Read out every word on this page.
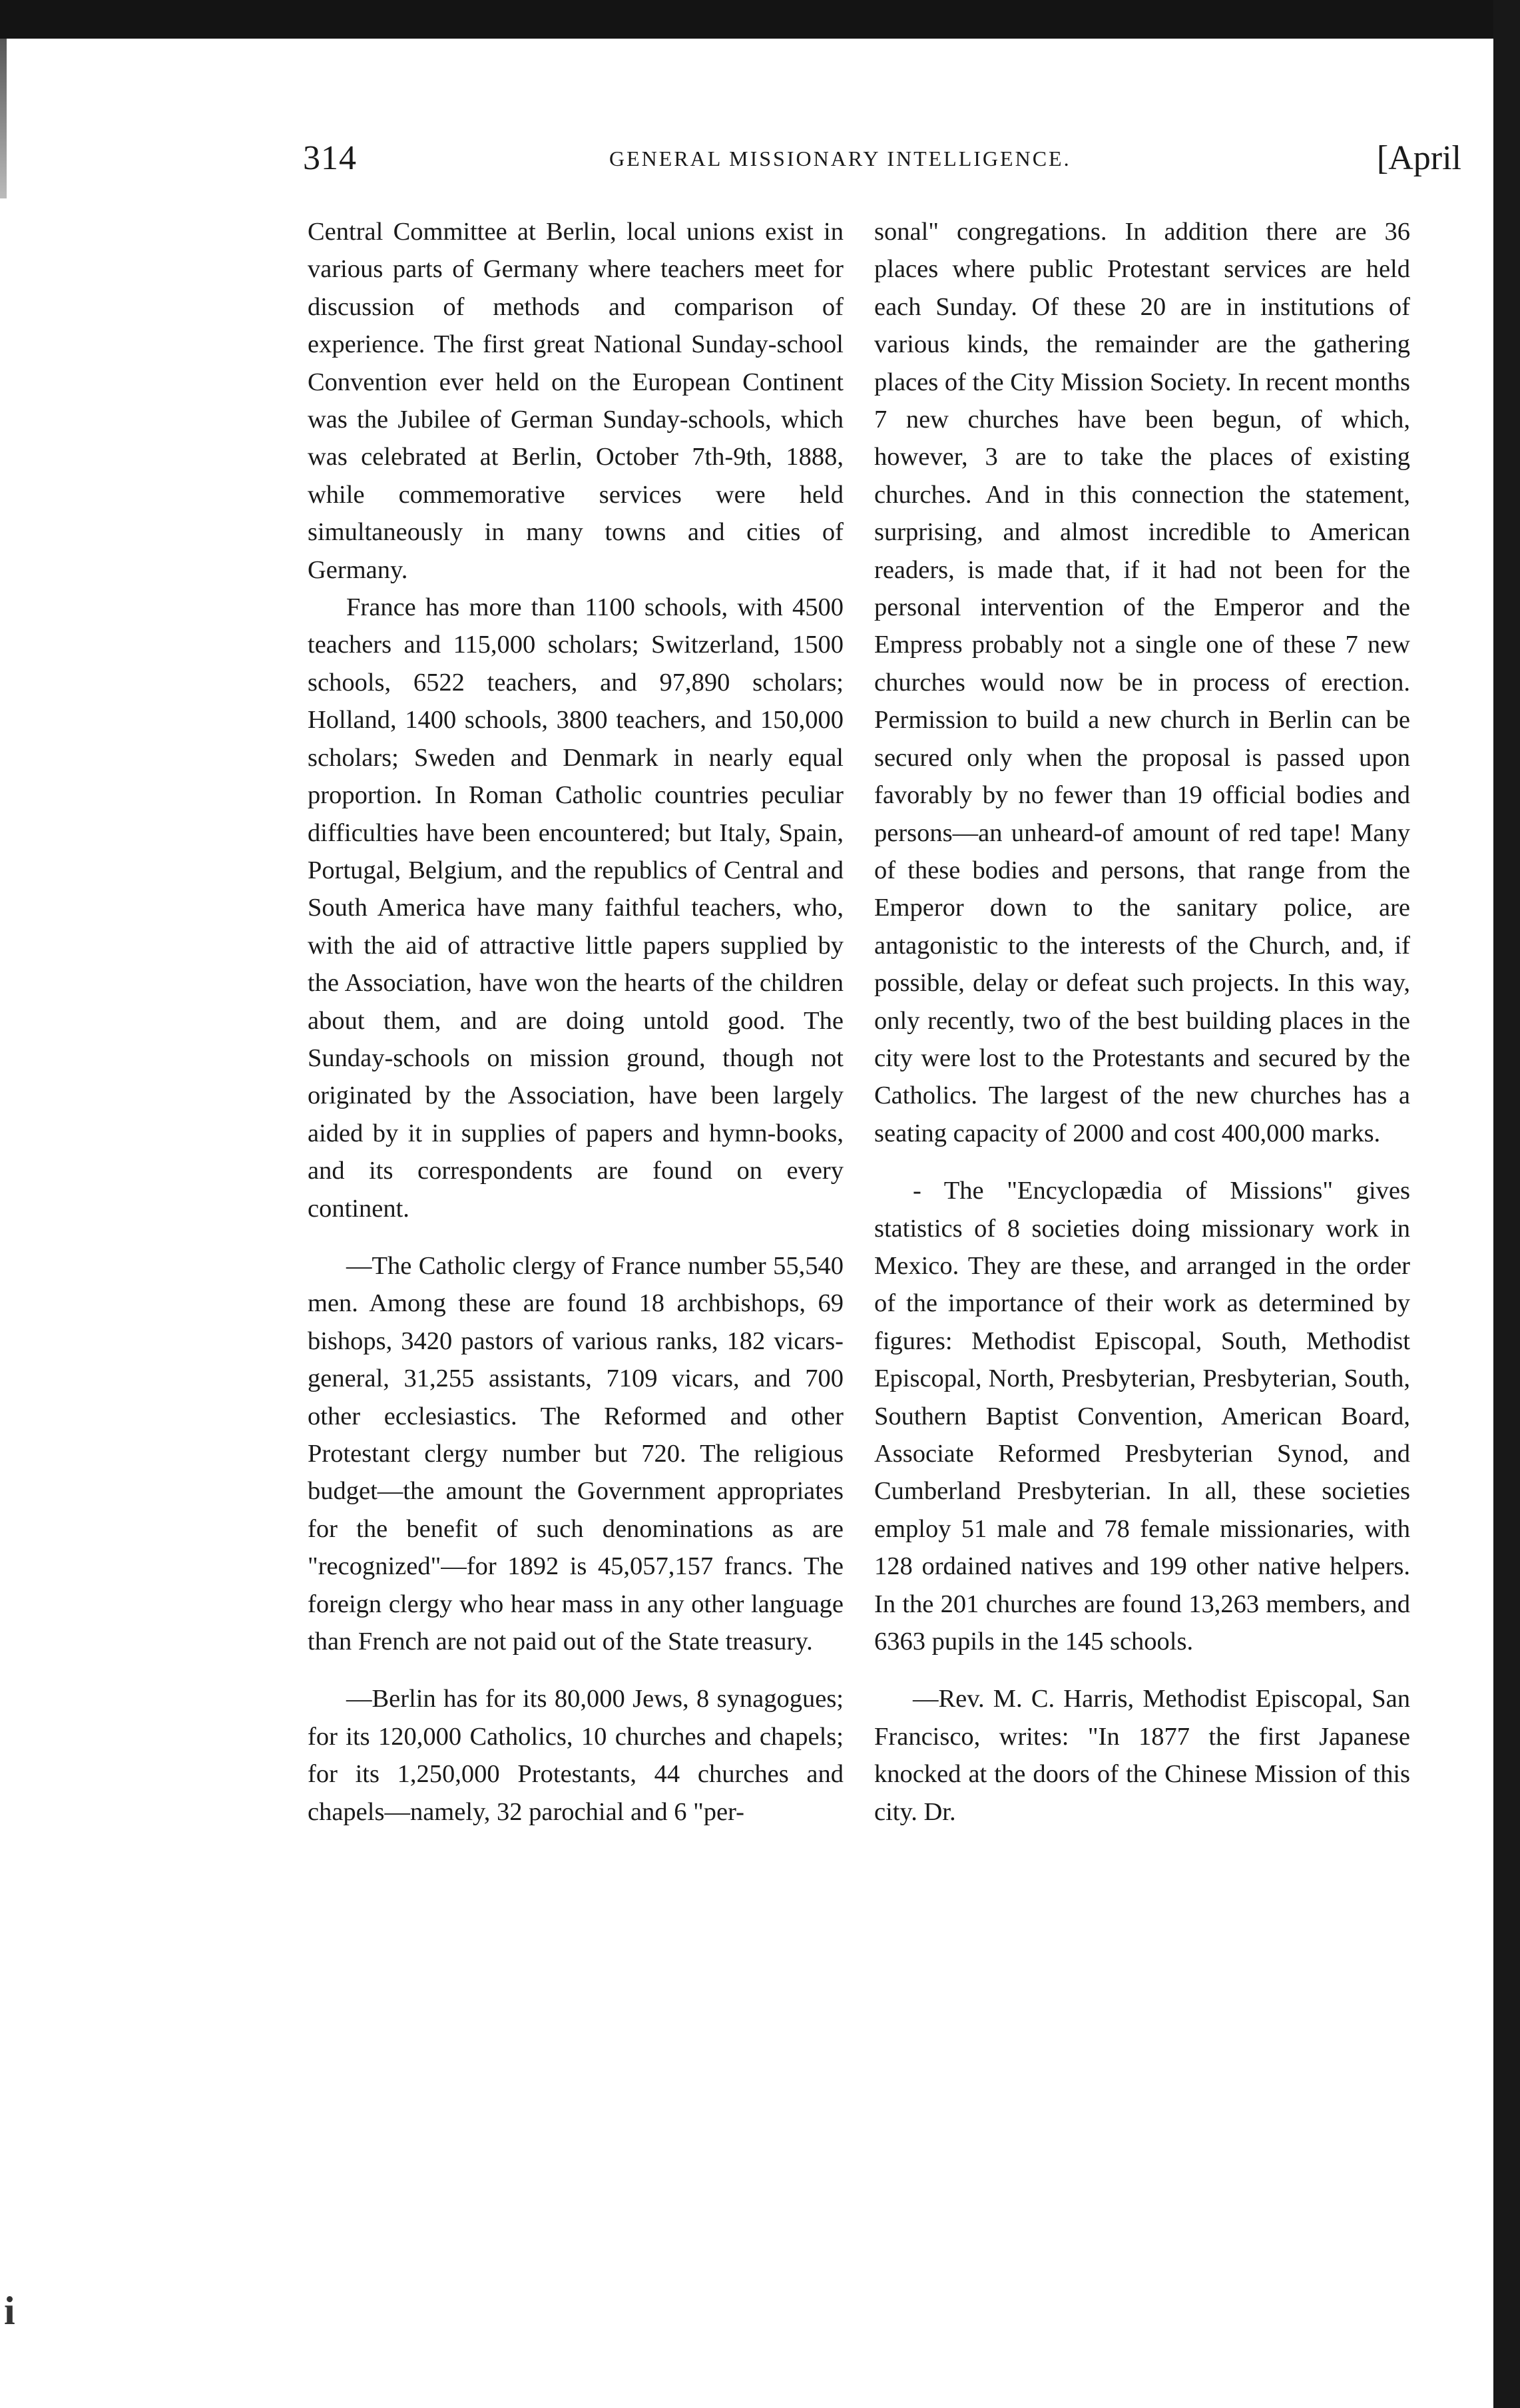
i
314	GENERAL MISSIONARY INTELLIGENCE.	[April

Central Committee at Berlin, local unions exist in various parts of Germany where teachers meet for discussion of methods and comparison of experience. The first great National Sunday-school Convention ever held on the European Continent was the Jubilee of German Sunday-schools, which was celebrated at Berlin, October 7th-9th, 1888, while commemorative services were held simultaneously in many towns and cities of Germany.

France has more than 1100 schools, with 4500 teachers and 115,000 scholars; Switzerland, 1500 schools, 6522 teachers, and 97,890 scholars; Holland, 1400 schools, 3800 teachers, and 150,000 scholars; Sweden and Denmark in nearly equal proportion. In Roman Catholic countries peculiar difficulties have been encountered; but Italy, Spain, Portugal, Belgium, and the republics of Central and South America have many faithful teachers, who, with the aid of attractive little papers supplied by the Association, have won the hearts of the children about them, and are doing untold good. The Sunday-schools on mission ground, though not originated by the Association, have been largely aided by it in supplies of papers and hymn-books, and its correspondents are found on every continent.

—The Catholic clergy of France number 55,540 men. Among these are found 18 archbishops, 69 bishops, 3420 pastors of various ranks, 182 vicars-general, 31,255 assistants, 7109 vicars, and 700 other ecclesiastics. The Reformed and other Protestant clergy number but 720. The religious budget—the amount the Government appropriates for the benefit of such denominations as are "recognized"—for 1892 is 45,057,157 francs. The foreign clergy who hear mass in any other language than French are not paid out of the State treasury.

—Berlin has for its 80,000 Jews, 8 synagogues; for its 120,000 Catholics, 10 churches and chapels; for its 1,250,000 Protestants, 44 churches and chapels—namely, 32 parochial and 6 "per-

sonal" congregations. In addition there are 36 places where public Protestant services are held each Sunday. Of these 20 are in institutions of various kinds, the remainder are the gathering places of the City Mission Society. In recent months 7 new churches have been begun, of which, however, 3 are to take the places of existing churches. And in this connection the statement, surprising, and almost incredible to American readers, is made that, if it had not been for the personal intervention of the Emperor and the Empress probably not a single one of these 7 new churches would now be in process of erection. Permission to build a new church in Berlin can be secured only when the proposal is passed upon favorably by no fewer than 19 official bodies and persons—an unheard-of amount of red tape! Many of these bodies and persons, that range from the Emperor down to the sanitary police, are antagonistic to the interests of the Church, and, if possible, delay or defeat such projects. In this way, only recently, two of the best building places in the city were lost to the Protestants and secured by the Catholics. The largest of the new churches has a seating capacity of 2000 and cost 400,000 marks.

- The "Encyclopædia of Missions" gives statistics of 8 societies doing missionary work in Mexico. They are these, and arranged in the order of the importance of their work as determined by figures: Methodist Episcopal, South, Methodist Episcopal, North, Presbyterian, Presbyterian, South, Southern Baptist Convention, American Board, Associate Reformed Presbyterian Synod, and Cumberland Presbyterian. In all, these societies employ 51 male and 78 female missionaries, with 128 ordained natives and 199 other native helpers. In the 201 churches are found 13,263 members, and 6363 pupils in the 145 schools.

—Rev. M. C. Harris, Methodist Episcopal, San Francisco, writes: "In 1877 the first Japanese knocked at the doors of the Chinese Mission of this city. Dr.
